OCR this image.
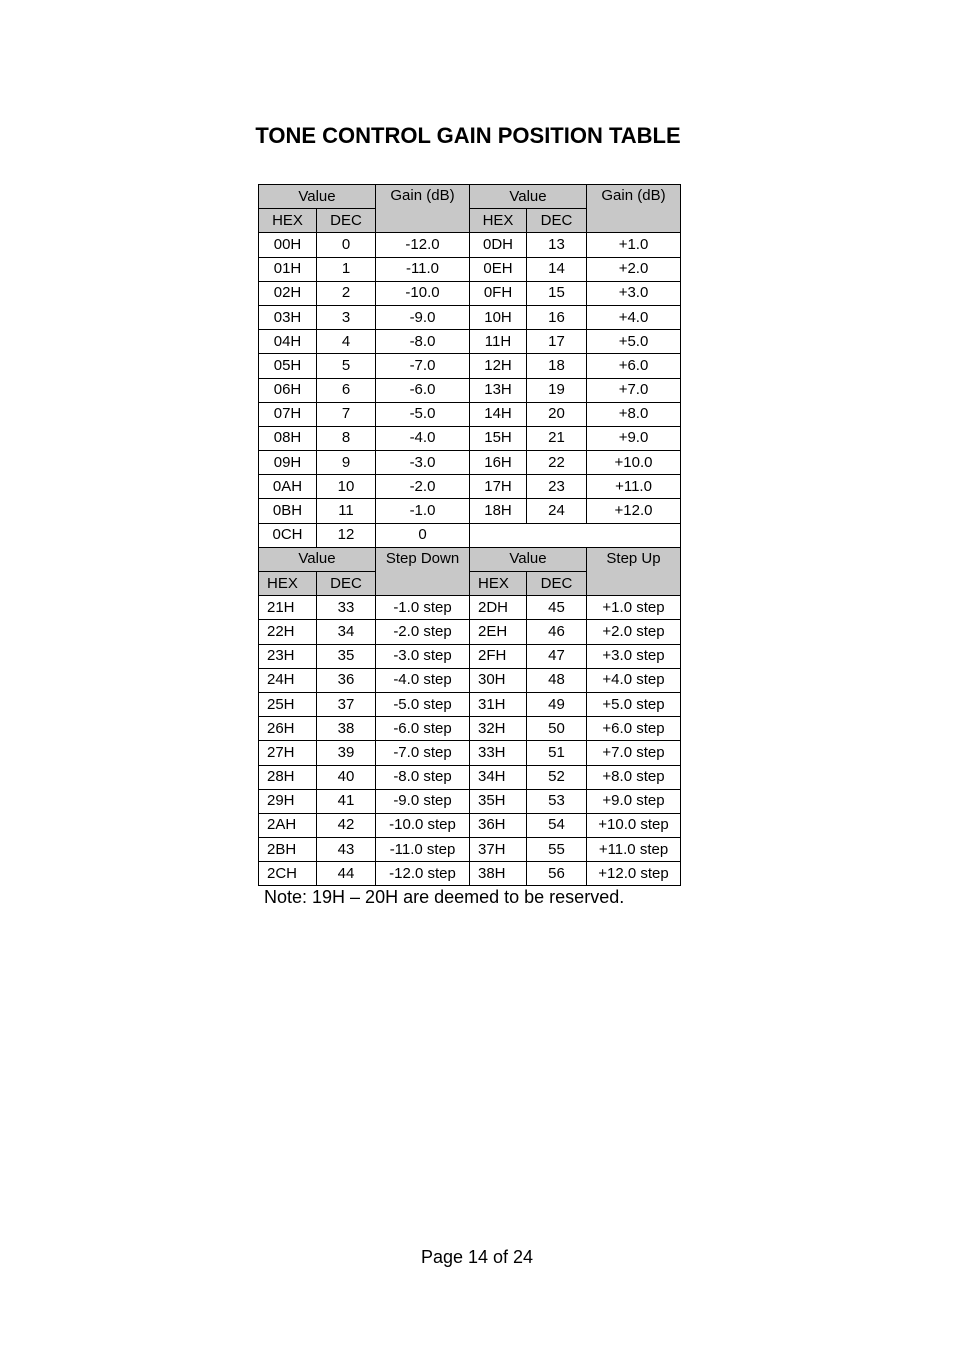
TONE CONTROL GAIN POSITION TABLE
Value		Gain (dB)	Value		Gain (dB)
HEX	DEC		HEX	DEC	
00H	0	-12.0	0DH	13	+1.0
01H	1	-11.0	0EH	14	+2.0
02H	2	-10.0	0FH	15	+3.0
03H	3	-9.0	10H	16	+4.0
04H	4	-8.0	11H	17	+5.0
05H	5	-7.0	12H	18	+6.0
06H	6	-6.0	13H	19	+7.0
07H	7	-5.0	14H	20	+8.0
08H	8	-4.0	15H	21	+9.0
09H	9	-3.0	16H	22	+10.0
0AH	10	-2.0	17H	23	+11.0
0BH	11	-1.0	18H	24	+12.0
0CH	12	0			
Value		Step Down	Value		Step Up
HEX	DEC		HEX	DEC	
21H	33	-1.0 step	2DH	45	+1.0 step
22H	34	-2.0 step	2EH	46	+2.0 step
23H	35	-3.0 step	2FH	47	+3.0 step
24H	36	-4.0 step	30H	48	+4.0 step
25H	37	-5.0 step	31H	49	+5.0 step
26H	38	-6.0 step	32H	50	+6.0 step
27H	39	-7.0 step	33H	51	+7.0 step
28H	40	-8.0 step	34H	52	+8.0 step
29H	41	-9.0 step	35H	53	+9.0 step
2AH	42	-10.0 step	36H	54	+10.0 step
2BH	43	-11.0 step	37H	55	+11.0 step
2CH	44	-12.0 step	38H	56	+12.0 step
Note: 19H – 20H are deemed to be reserved.
Page 14 of 24
